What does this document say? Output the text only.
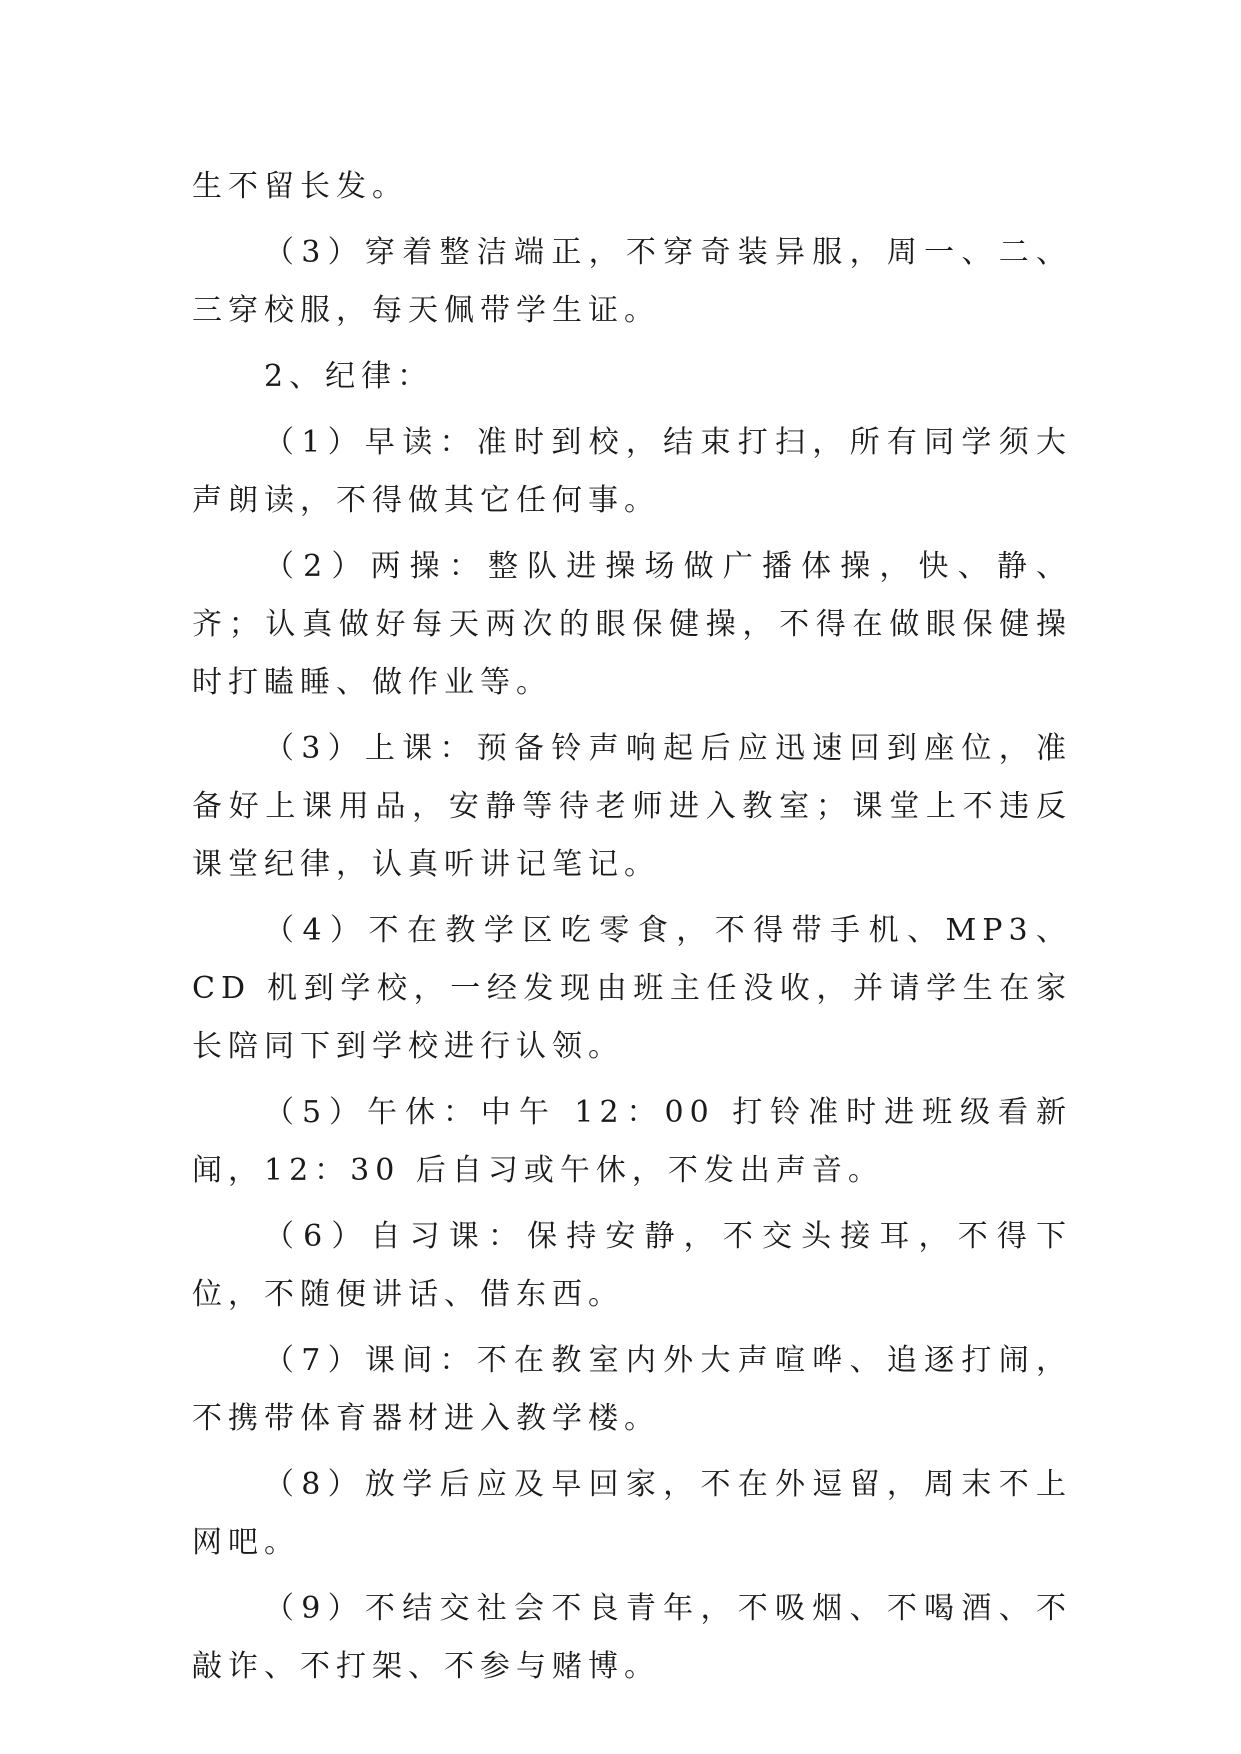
生不留长发。

（3）穿着整洁端正，不穿奇装异服，周一、二、三穿校服，每天佩带学生证。

2、纪律：

（1）早读：准时到校，结束打扫，所有同学须大声朗读，不得做其它任何事。

（2）两操：整队进操场做广播体操，快、静、齐；认真做好每天两次的眼保健操，不得在做眼保健操时打瞌睡、做作业等。

（3）上课：预备铃声响起后应迅速回到座位，准备好上课用品，安静等待老师进入教室；课堂上不违反课堂纪律，认真听讲记笔记。

（4）不在教学区吃零食，不得带手机、MP3、CD 机到学校，一经发现由班主任没收，并请学生在家长陪同下到学校进行认领。

（5）午休：中午 12：00 打铃准时进班级看新闻，12：30 后自习或午休，不发出声音。

（6）自习课：保持安静，不交头接耳，不得下位，不随便讲话、借东西。

（7）课间：不在教室内外大声喧哗、追逐打闹，不携带体育器材进入教学楼。

（8）放学后应及早回家，不在外逗留，周末不上网吧。

（9）不结交社会不良青年，不吸烟、不喝酒、不敲诈、不打架、不参与赌博。
